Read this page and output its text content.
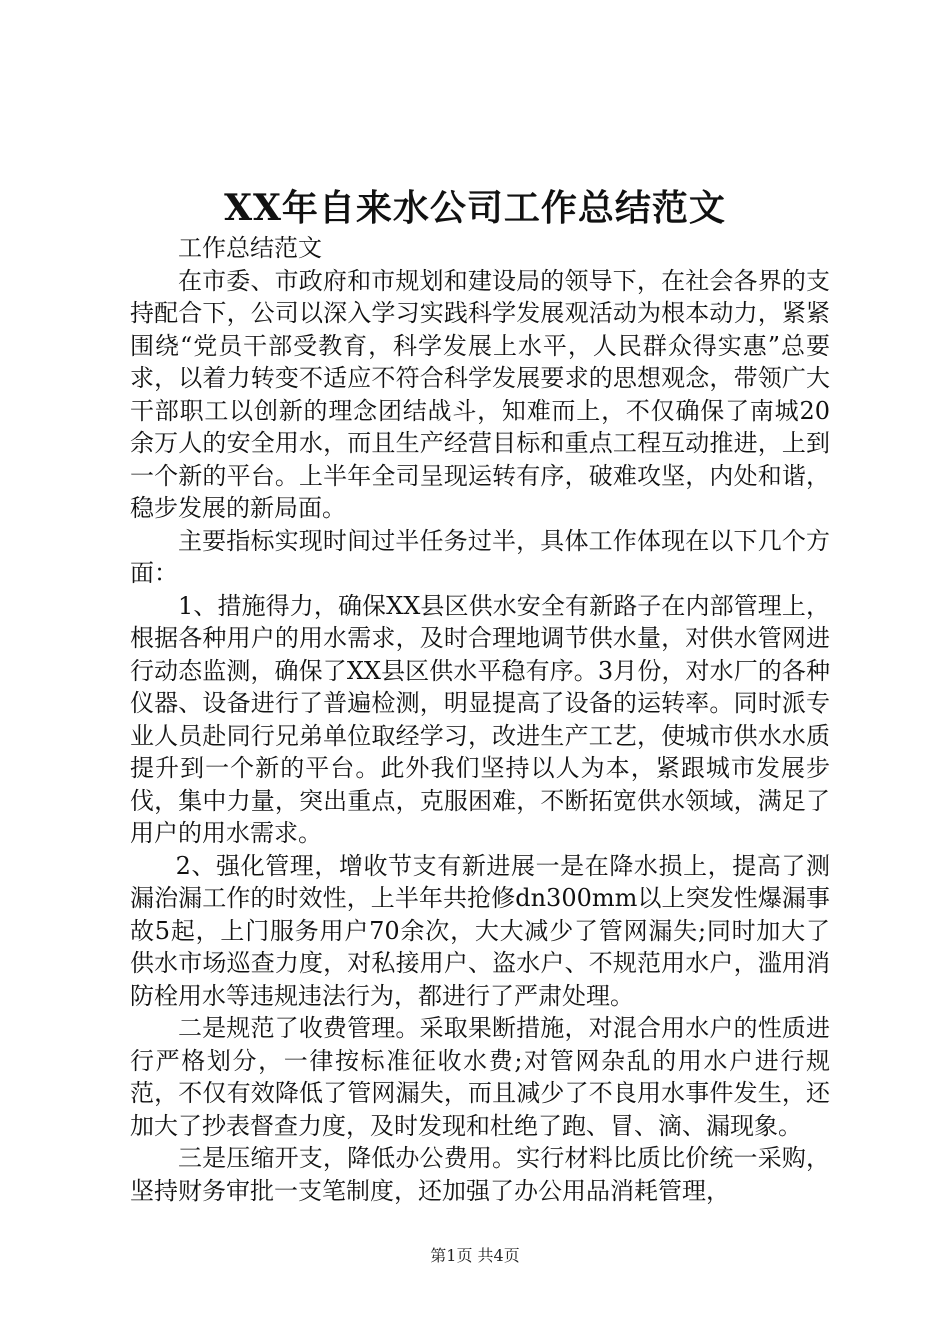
XX年自来水公司工作总结范文

工作总结范文

在市委、市政府和市规划和建设局的领导下，在社会各界的支持配合下，公司以深入学习实践科学发展观活动为根本动力，紧紧围绕“党员干部受教育，科学发展上水平，人民群众得实惠”总要求，以着力转变不适应不符合科学发展要求的思想观念，带领广大干部职工以创新的理念团结战斗，知难而上，不仅确保了南城20余万人的安全用水，而且生产经营目标和重点工程互动推进，上到一个新的平台。上半年全司呈现运转有序，破难攻坚，内处和谐，稳步发展的新局面。

主要指标实现时间过半任务过半，具体工作体现在以下几个方面：

1、措施得力，确保XX县区供水安全有新路子在内部管理上，根据各种用户的用水需求，及时合理地调节供水量，对供水管网进行动态监测，确保了XX县区供水平稳有序。3月份，对水厂的各种仪器、设备进行了普遍检测，明显提高了设备的运转率。同时派专业人员赴同行兄弟单位取经学习，改进生产工艺，使城市供水水质提升到一个新的平台。此外我们坚持以人为本，紧跟城市发展步伐，集中力量，突出重点，克服困难，不断拓宽供水领域，满足了用户的用水需求。

2、强化管理，增收节支有新进展一是在降水损上，提高了测漏治漏工作的时效性，上半年共抢修dn300mm以上突发性爆漏事故5起，上门服务用户70余次，大大减少了管网漏失;同时加大了供水市场巡查力度，对私接用户、盗水户、不规范用水户，滥用消防栓用水等违规违法行为，都进行了严肃处理。

二是规范了收费管理。采取果断措施，对混合用水户的性质进行严格划分，一律按标准征收水费;对管网杂乱的用水户进行规范，不仅有效降低了管网漏失，而且减少了不良用水事件发生，还加大了抄表督查力度，及时发现和杜绝了跑、冒、滴、漏现象。

三是压缩开支，降低办公费用。实行材料比质比价统一采购，坚持财务审批一支笔制度，还加强了办公用品消耗管理，

第1页 共4页
